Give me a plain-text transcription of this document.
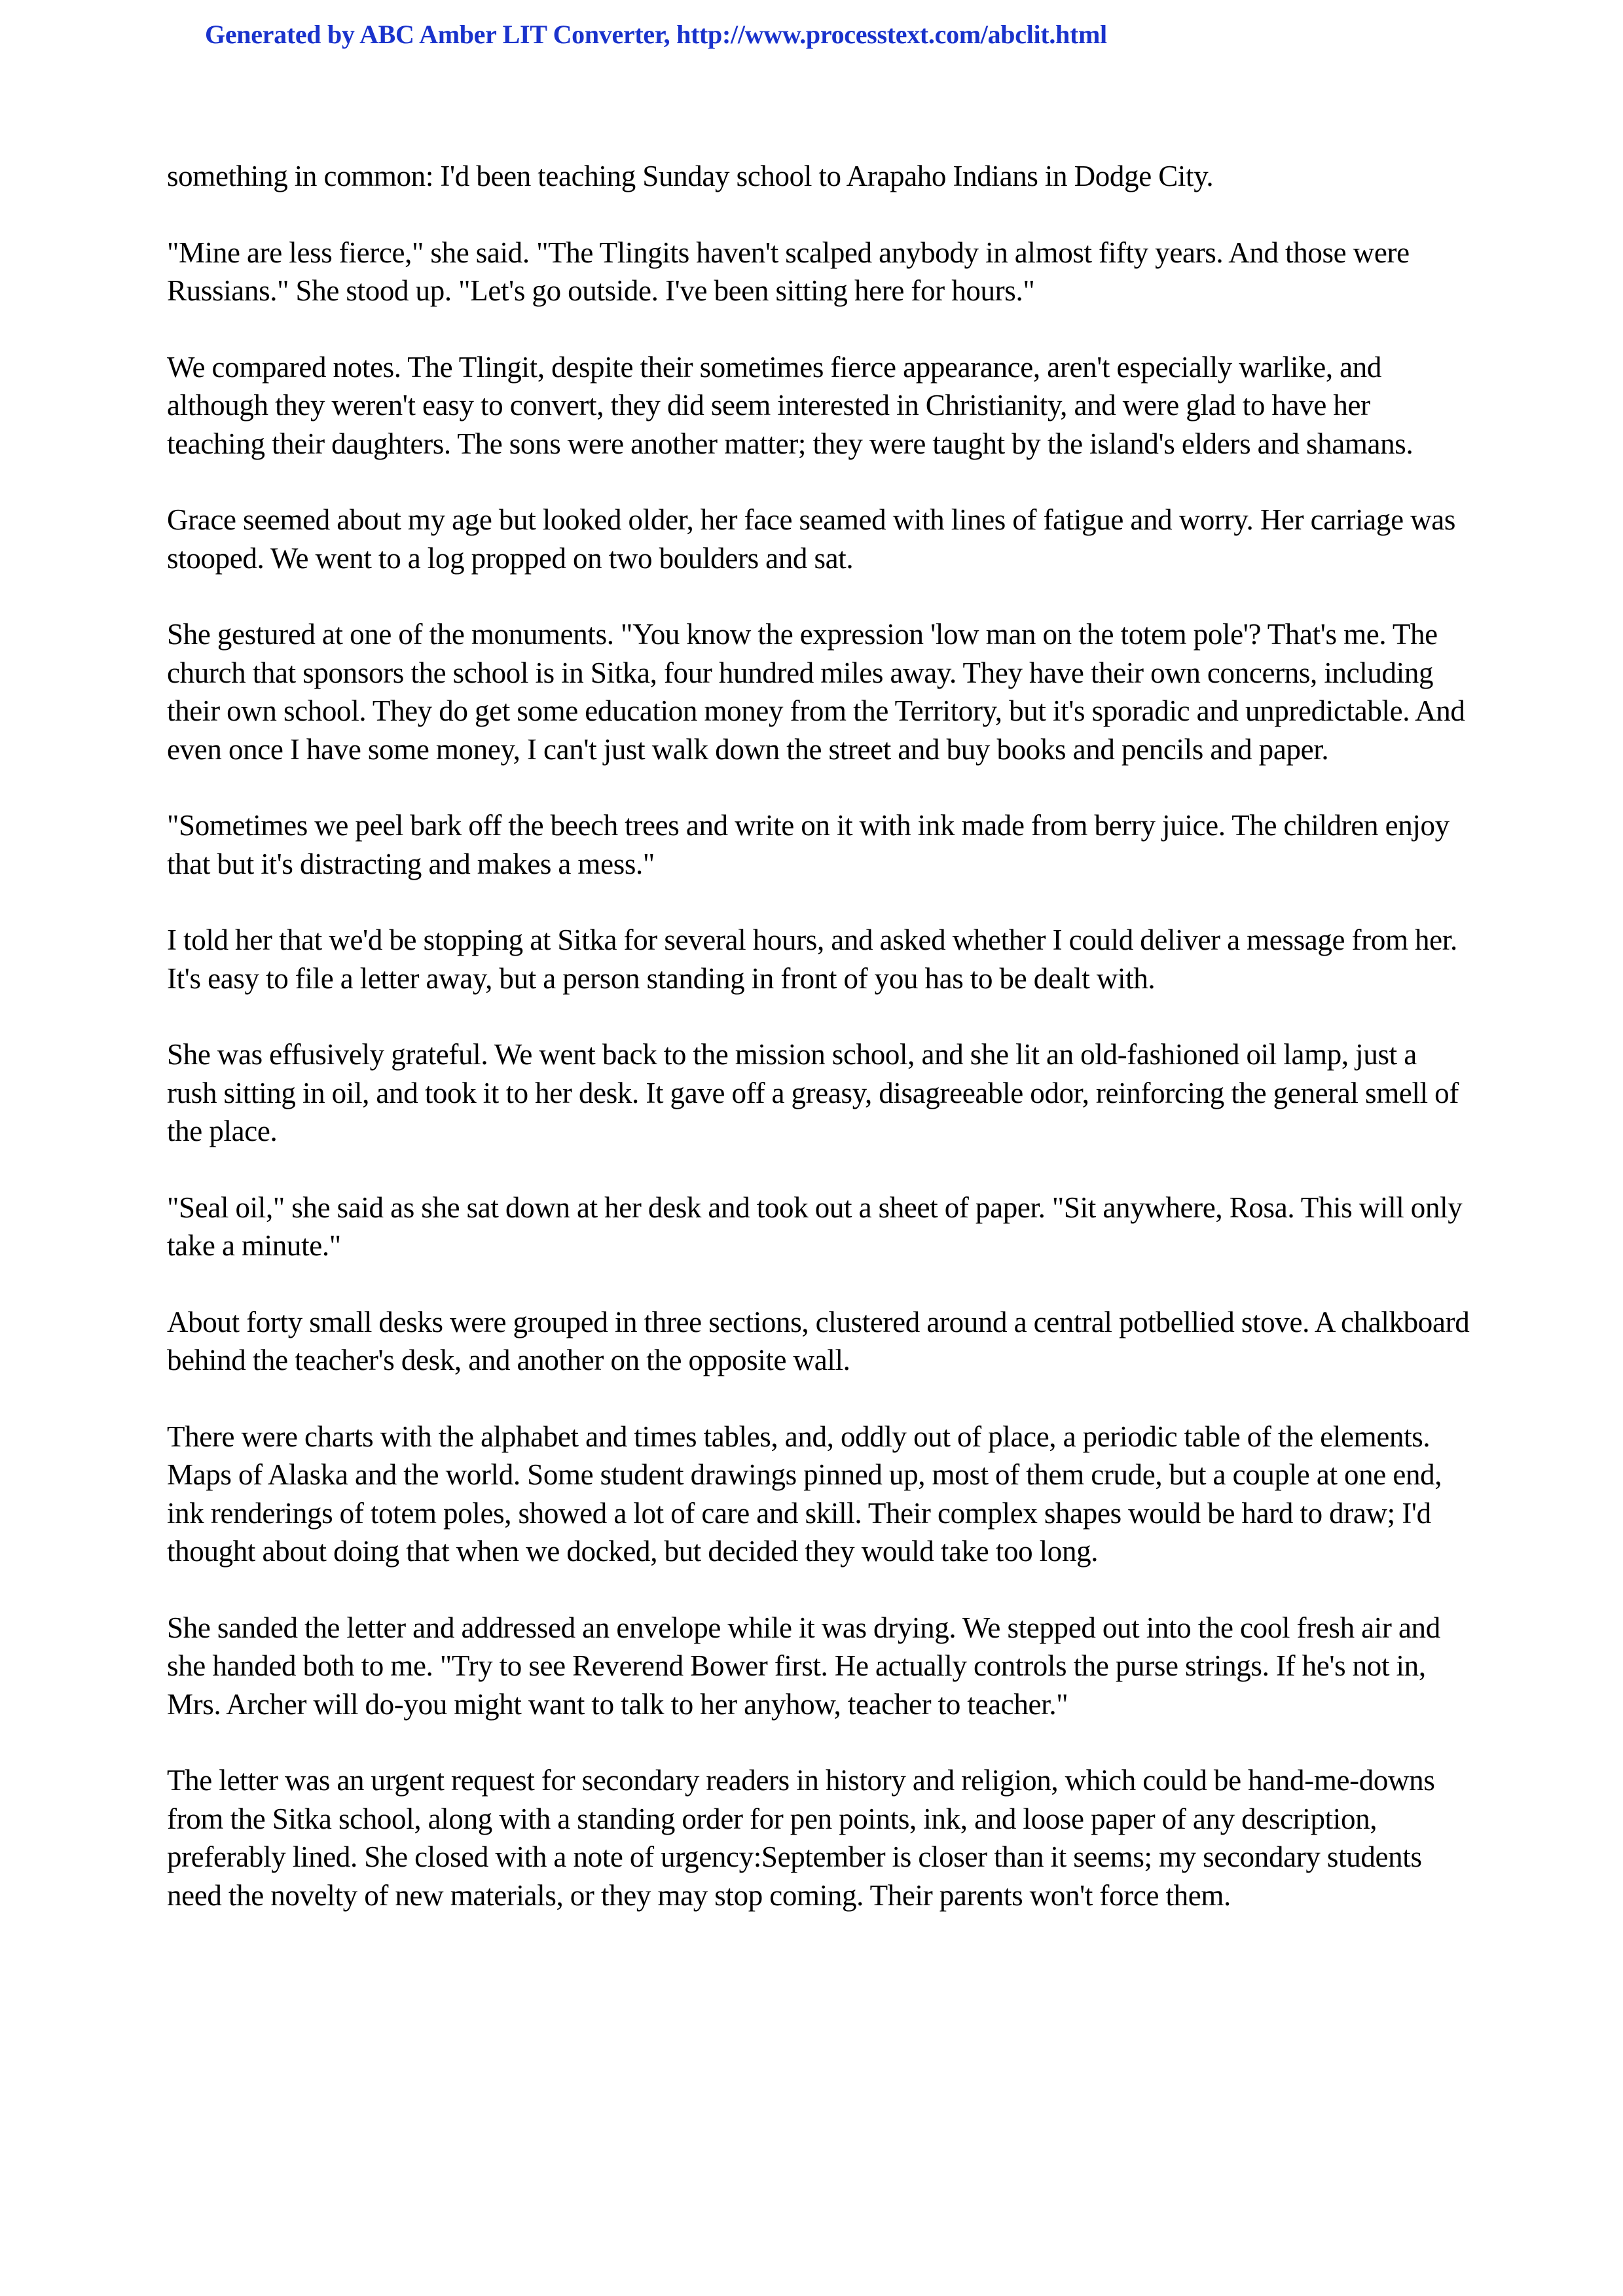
Generated by ABC Amber LIT Converter, http://www.processtext.com/abclit.html

something in common: I'd been teaching Sunday school to Arapaho Indians in Dodge City.

"Mine are less fierce," she said. "The Tlingits haven't scalped anybody in almost fifty years. And those were Russians." She stood up. "Let's go outside. I've been sitting here for hours."

We compared notes. The Tlingit, despite their sometimes fierce appearance, aren't especially warlike, and although they weren't easy to convert, they did seem interested in Christianity, and were glad to have her teaching their daughters. The sons were another matter; they were taught by the island's elders and shamans.

Grace seemed about my age but looked older, her face seamed with lines of fatigue and worry. Her carriage was stooped. We went to a log propped on two boulders and sat.

She gestured at one of the monuments. "You know the expression 'low man on the totem pole'? That's me. The church that sponsors the school is in Sitka, four hundred miles away. They have their own concerns, including their own school. They do get some education money from the Territory, but it's sporadic and unpredictable. And even once I have some money, I can't just walk down the street and buy books and pencils and paper.

"Sometimes we peel bark off the beech trees and write on it with ink made from berry juice. The children enjoy that but it's distracting and makes a mess."

I told her that we'd be stopping at Sitka for several hours, and asked whether I could deliver a message from her. It's easy to file a letter away, but a person standing in front of you has to be dealt with.

She was effusively grateful. We went back to the mission school, and she lit an old-fashioned oil lamp, just a rush sitting in oil, and took it to her desk. It gave off a greasy, disagreeable odor, reinforcing the general smell of the place.

"Seal oil," she said as she sat down at her desk and took out a sheet of paper. "Sit anywhere, Rosa. This will only take a minute."

About forty small desks were grouped in three sections, clustered around a central potbellied stove. A chalkboard behind the teacher's desk, and another on the opposite wall.

There were charts with the alphabet and times tables, and, oddly out of place, a periodic table of the elements. Maps of Alaska and the world. Some student drawings pinned up, most of them crude, but a couple at one end, ink renderings of totem poles, showed a lot of care and skill. Their complex shapes would be hard to draw; I'd thought about doing that when we docked, but decided they would take too long.

She sanded the letter and addressed an envelope while it was drying. We stepped out into the cool fresh air and she handed both to me. "Try to see Reverend Bower first. He actually controls the purse strings. If he's not in, Mrs. Archer will do-you might want to talk to her anyhow, teacher to teacher."

The letter was an urgent request for secondary readers in history and religion, which could be hand-me-downs from the Sitka school, along with a standing order for pen points, ink, and loose paper of any description, preferably lined. She closed with a note of urgency:September is closer than it seems; my secondary students need the novelty of new materials, or they may stop coming. Their parents won't force them.
